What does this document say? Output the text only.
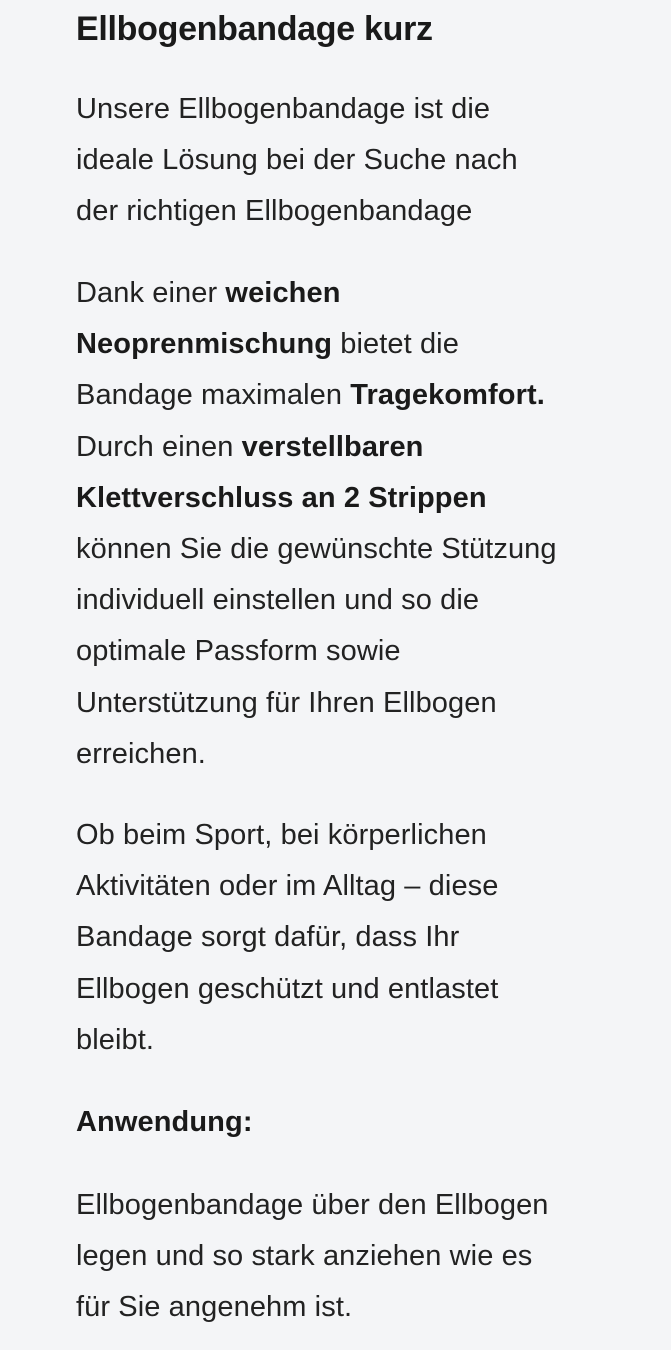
Ellbogenbandage kurz

Unsere Ellbogenbandage ist die
ideale Lösung bei der Suche nach
der richtigen Ellbogenbandage

Dank einer weichen
Neoprenmischung bietet die
Bandage maximalen Tragekomfort.
Durch einen verstellbaren
Klettverschluss an 2 Strippen
können Sie die gewünschte Stützung
individuell einstellen und so die
optimale Passform sowie
Unterstützung für Ihren Ellbogen
erreichen.

Ob beim Sport, bei körperlichen
Aktivitäten oder im Alltag – diese
Bandage sorgt dafür, dass Ihr
Ellbogen geschützt und entlastet
bleibt.

Anwendung:

Ellbogenbandage über den Ellbogen
legen und so stark anziehen wie es
für Sie angenehm ist.
